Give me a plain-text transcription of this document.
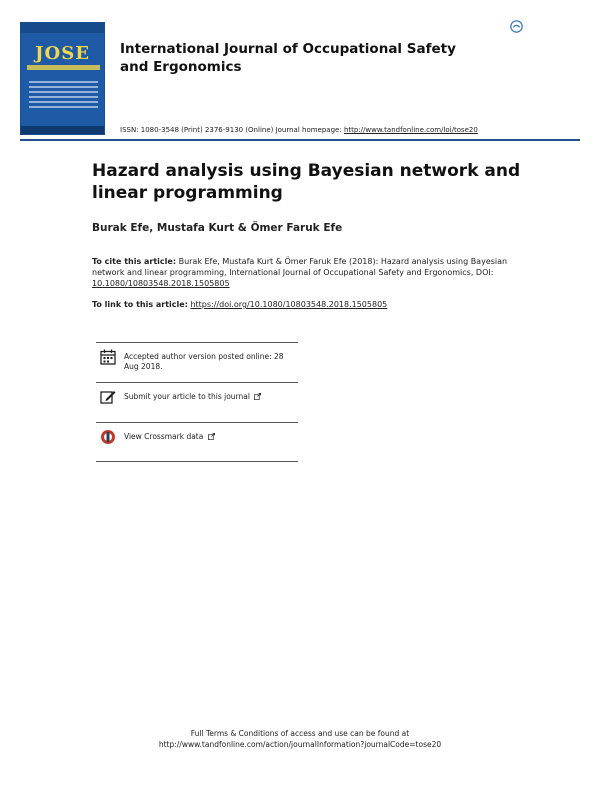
JOSE	International Journal of Occupational Safety and Ergonomics
ISSN: 1080-3548 (Print) 2376-9130 (Online) Journal homepage: http://www.tandfonline.com/loi/tose20
Hazard analysis using Bayesian network and linear programming
Burak Efe, Mustafa Kurt & Ömer Faruk Efe
To cite this article: Burak Efe, Mustafa Kurt & Ömer Faruk Efe (2018): Hazard analysis using Bayesian network and linear programming, International Journal of Occupational Safety and Ergonomics, DOI: 10.1080/10803548.2018.1505805
To link to this article: https://doi.org/10.1080/10803548.2018.1505805
Accepted author version posted online: 28 Aug 2018.
Submit your article to this journal
View Crossmark data
Full Terms & Conditions of access and use can be found at
http://www.tandfonline.com/action/journalInformation?journalCode=tose20
